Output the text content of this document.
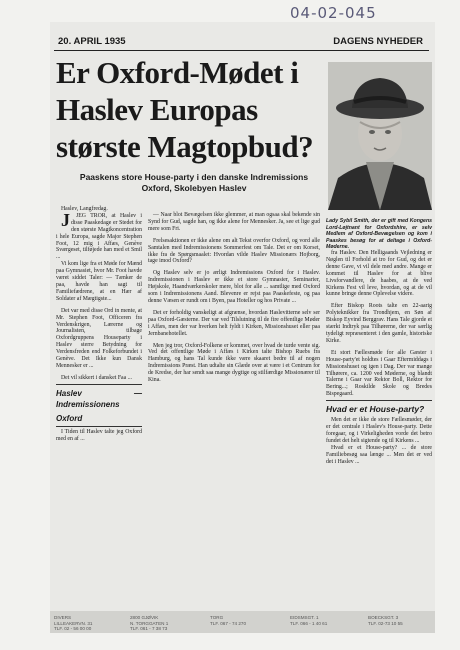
04-02-045
20. APRIL 1935	DAGENS NYHEDER
Er Oxford-Mødet i Haslev Europas største Magtopbud?
Paaskens store House-party i den danske Indremissions Oxford, Skolebyen Haslev
Lady Sybil Smith, der er gift med Kongens Lord-Løjtnant for Oxfordshire, er selv Medlem af Oxford-Bevægelsen og kom i Paaskes besøg for at deltage i Oxford-Møderne.

Haslev, Langfredag.

J JEG TROR, at Haslev i disse Paaskedage er Stedet for den største Magtkoncentration i hele Europa, sagde Major Stephen Foot, 12 mig i Affæs, Genève Sværgeset, tilføjede han med et Smil ...

Vi kom lige fra et Møde for Mænd paa Gymnasiet, hvor Mr. Foot havde været siddet Taler: — Tænker de paa, havde han sagt til Familiefædrene, at en Hær af Soldater af Mægtigste...

Det var med disse Ord in mente, at Mr. Stephen Foot, Officeren fra Verdenskrigen, Lærerne og Journalisten, tilbage Oxfordgruppens Houseparty i Haslev sterre Betydning for Verdensfreden end Folkeforbundet i Genève. Det Ikke kun Dansk Mennesker er ...

Det vil sikkert i dansket Faa ...

Haslev — Indremissionens
Oxford

I Tiden til Haslev talte jeg Oxford med en af ...

— Naar blot Bevægelsen ikke glemmer, at man ogsaa skal bekende sin Synd for Gud, sagde han, og ikke alene for Mennesker. Ja, see et lige gud mere som Fri.

Frelsesaktionen er ikke alene om alt Tekst overfor Oxford, og vord alle Samtalen med Indremissionens Sommerfest om Tale. Det er om Korset, ikke fra de Spørgsmaalet: Hvordan vilde Haslev Missionærs Hojborg, tage imod Oxford?

Og Haslev selv er jo ærligt Indremissions Oxford for i Haslev. Indremissionen i Haslev er ikke et store Gymnasier, Seminarier, Højskole, Haandværkerskoler mere, blot for alle ... samtlige med Oxford som i Indremissionens Aand. Blevenre er rejst paa Paaskefeste, og paa denne Væsen er rundt om i Byen, paa Hoteller og hos Private ...

Det er forholdig vanskeligt at afgrænse, hvordan Haslevitterne selv ser paa Oxford-Gæsterne. Der var ved Tilslutning til de fire offentlige Møder i Affæs, men der var hverken helt fyldt i Kirken, Missionshuset eller paa Jernbanehotellet.

Men jeg tror, Oxford-Folkene er kommet, over hvad de turde vente sig. Ved det offentlige Møde i Affæs i Kirken talte Bishop Ruebs fra Hamburg, og hans Tal kunde ikke være skaaret bedre til af nogen Indremissions Præst. Han udtalte sin Glæde over at være i et Centrum for de Kredse, der har sendt saa mange dygtige og stilfærdige Missionærer til Kina.

fra Haslev. Den Helligaands Vejledning er Nøglen til Forhold at tro for Gud, og det er denne Gave, vi vil dele med andre. Mange er kommet til Haslev for at blive Livsforvandlere, de haabes, at de ved Kirkens Fest vil leve, hvordan, og at de vil kunne bringe denne Oplevelse videre.

Efter Biskop Roots talte en 22-aarig Polyteknikker fra Trondhjem, en Søn af Biskop Eyvind Berggrav. Hans Tale gjorde et stærkt Indtryk paa Tilhørerne, der var særlig tydeligt repræsenteret i den gamle, historiske Kirke.

Et stort Fællesmøde for alle Gæster i House-party'et holdtes i Gaar Eftermiddags i Missionshuset og igen i Dag. Der var mange Tilhørere, ca. 1200 ved Møderne, og blandt Talerne i Gaar var Rektor Boll, Rektor for Bering...; Roskilde Skole og Bredes Bispegaard.

Hvad er et House-party?

Men det er ikke de store Fællesmøder, der er det centrale i Haslev's House-party. Dette foregaar, og i Virkeligheden vorde det betro fundet det helt sigtende og til Kirkens ...

Hvad er et House-party? ... de store Familiebesøg saa længe ... Men det er ved det i Haslev ...

DIVERS
LILLEAKERVN. 31
TLF. 02 - 56 00 00
2800 GJØVIK
N. TORGGATEN 1
TLF. 061 - 7 38 73
TORG
TLF. 067 - 74 270
EIDSMSGT. 1
TLF. 066 - 1 40 61
BOECKSGT. 3
TLF. 02-73 10 55
